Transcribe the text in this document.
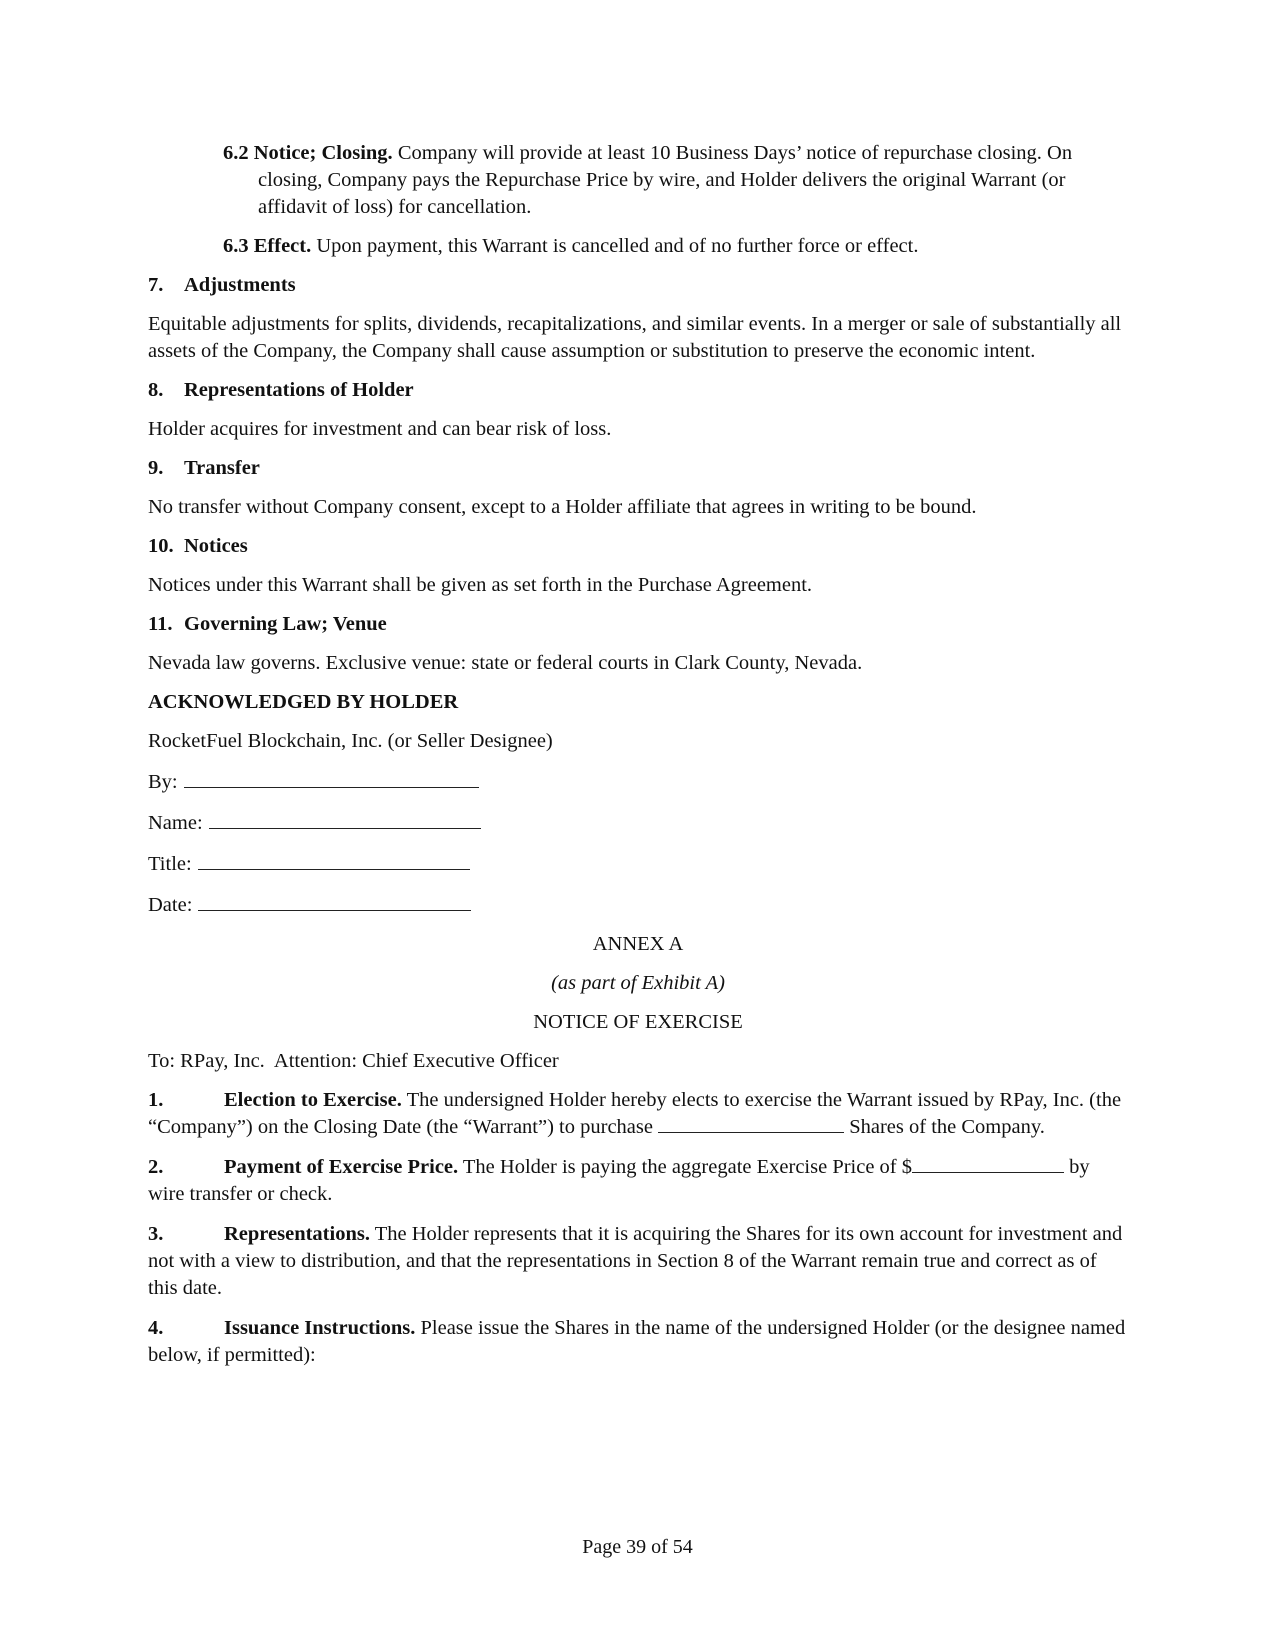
6.2 Notice; Closing. Company will provide at least 10 Business Days’ notice of repurchase closing. On closing, Company pays the Repurchase Price by wire, and Holder delivers the original Warrant (or affidavit of loss) for cancellation.

6.3 Effect. Upon payment, this Warrant is cancelled and of no further force or effect.

7. Adjustments

Equitable adjustments for splits, dividends, recapitalizations, and similar events. In a merger or sale of substantially all assets of the Company, the Company shall cause assumption or substitution to preserve the economic intent.

8. Representations of Holder

Holder acquires for investment and can bear risk of loss.

9. Transfer

No transfer without Company consent, except to a Holder affiliate that agrees in writing to be bound.

10. Notices

Notices under this Warrant shall be given as set forth in the Purchase Agreement.

11. Governing Law; Venue

Nevada law governs. Exclusive venue: state or federal courts in Clark County, Nevada.

ACKNOWLEDGED BY HOLDER

RocketFuel Blockchain, Inc. (or Seller Designee)

By:

Name:

Title:

Date:

ANNEX A

(as part of Exhibit A)

NOTICE OF EXERCISE

To: RPay, Inc.  Attention: Chief Executive Officer

1.	Election to Exercise. The undersigned Holder hereby elects to exercise the Warrant issued by RPay, Inc. (the “Company”) on the Closing Date (the “Warrant”) to purchase	Shares of the Company.

2.	Payment of Exercise Price. The Holder is paying the aggregate Exercise Price of $	by wire transfer or check.

3.	Representations. The Holder represents that it is acquiring the Shares for its own account for investment and not with a view to distribution, and that the representations in Section 8 of the Warrant remain true and correct as of this date.

4.	Issuance Instructions. Please issue the Shares in the name of the undersigned Holder (or the designee named below, if permitted):

Page 39 of 54
